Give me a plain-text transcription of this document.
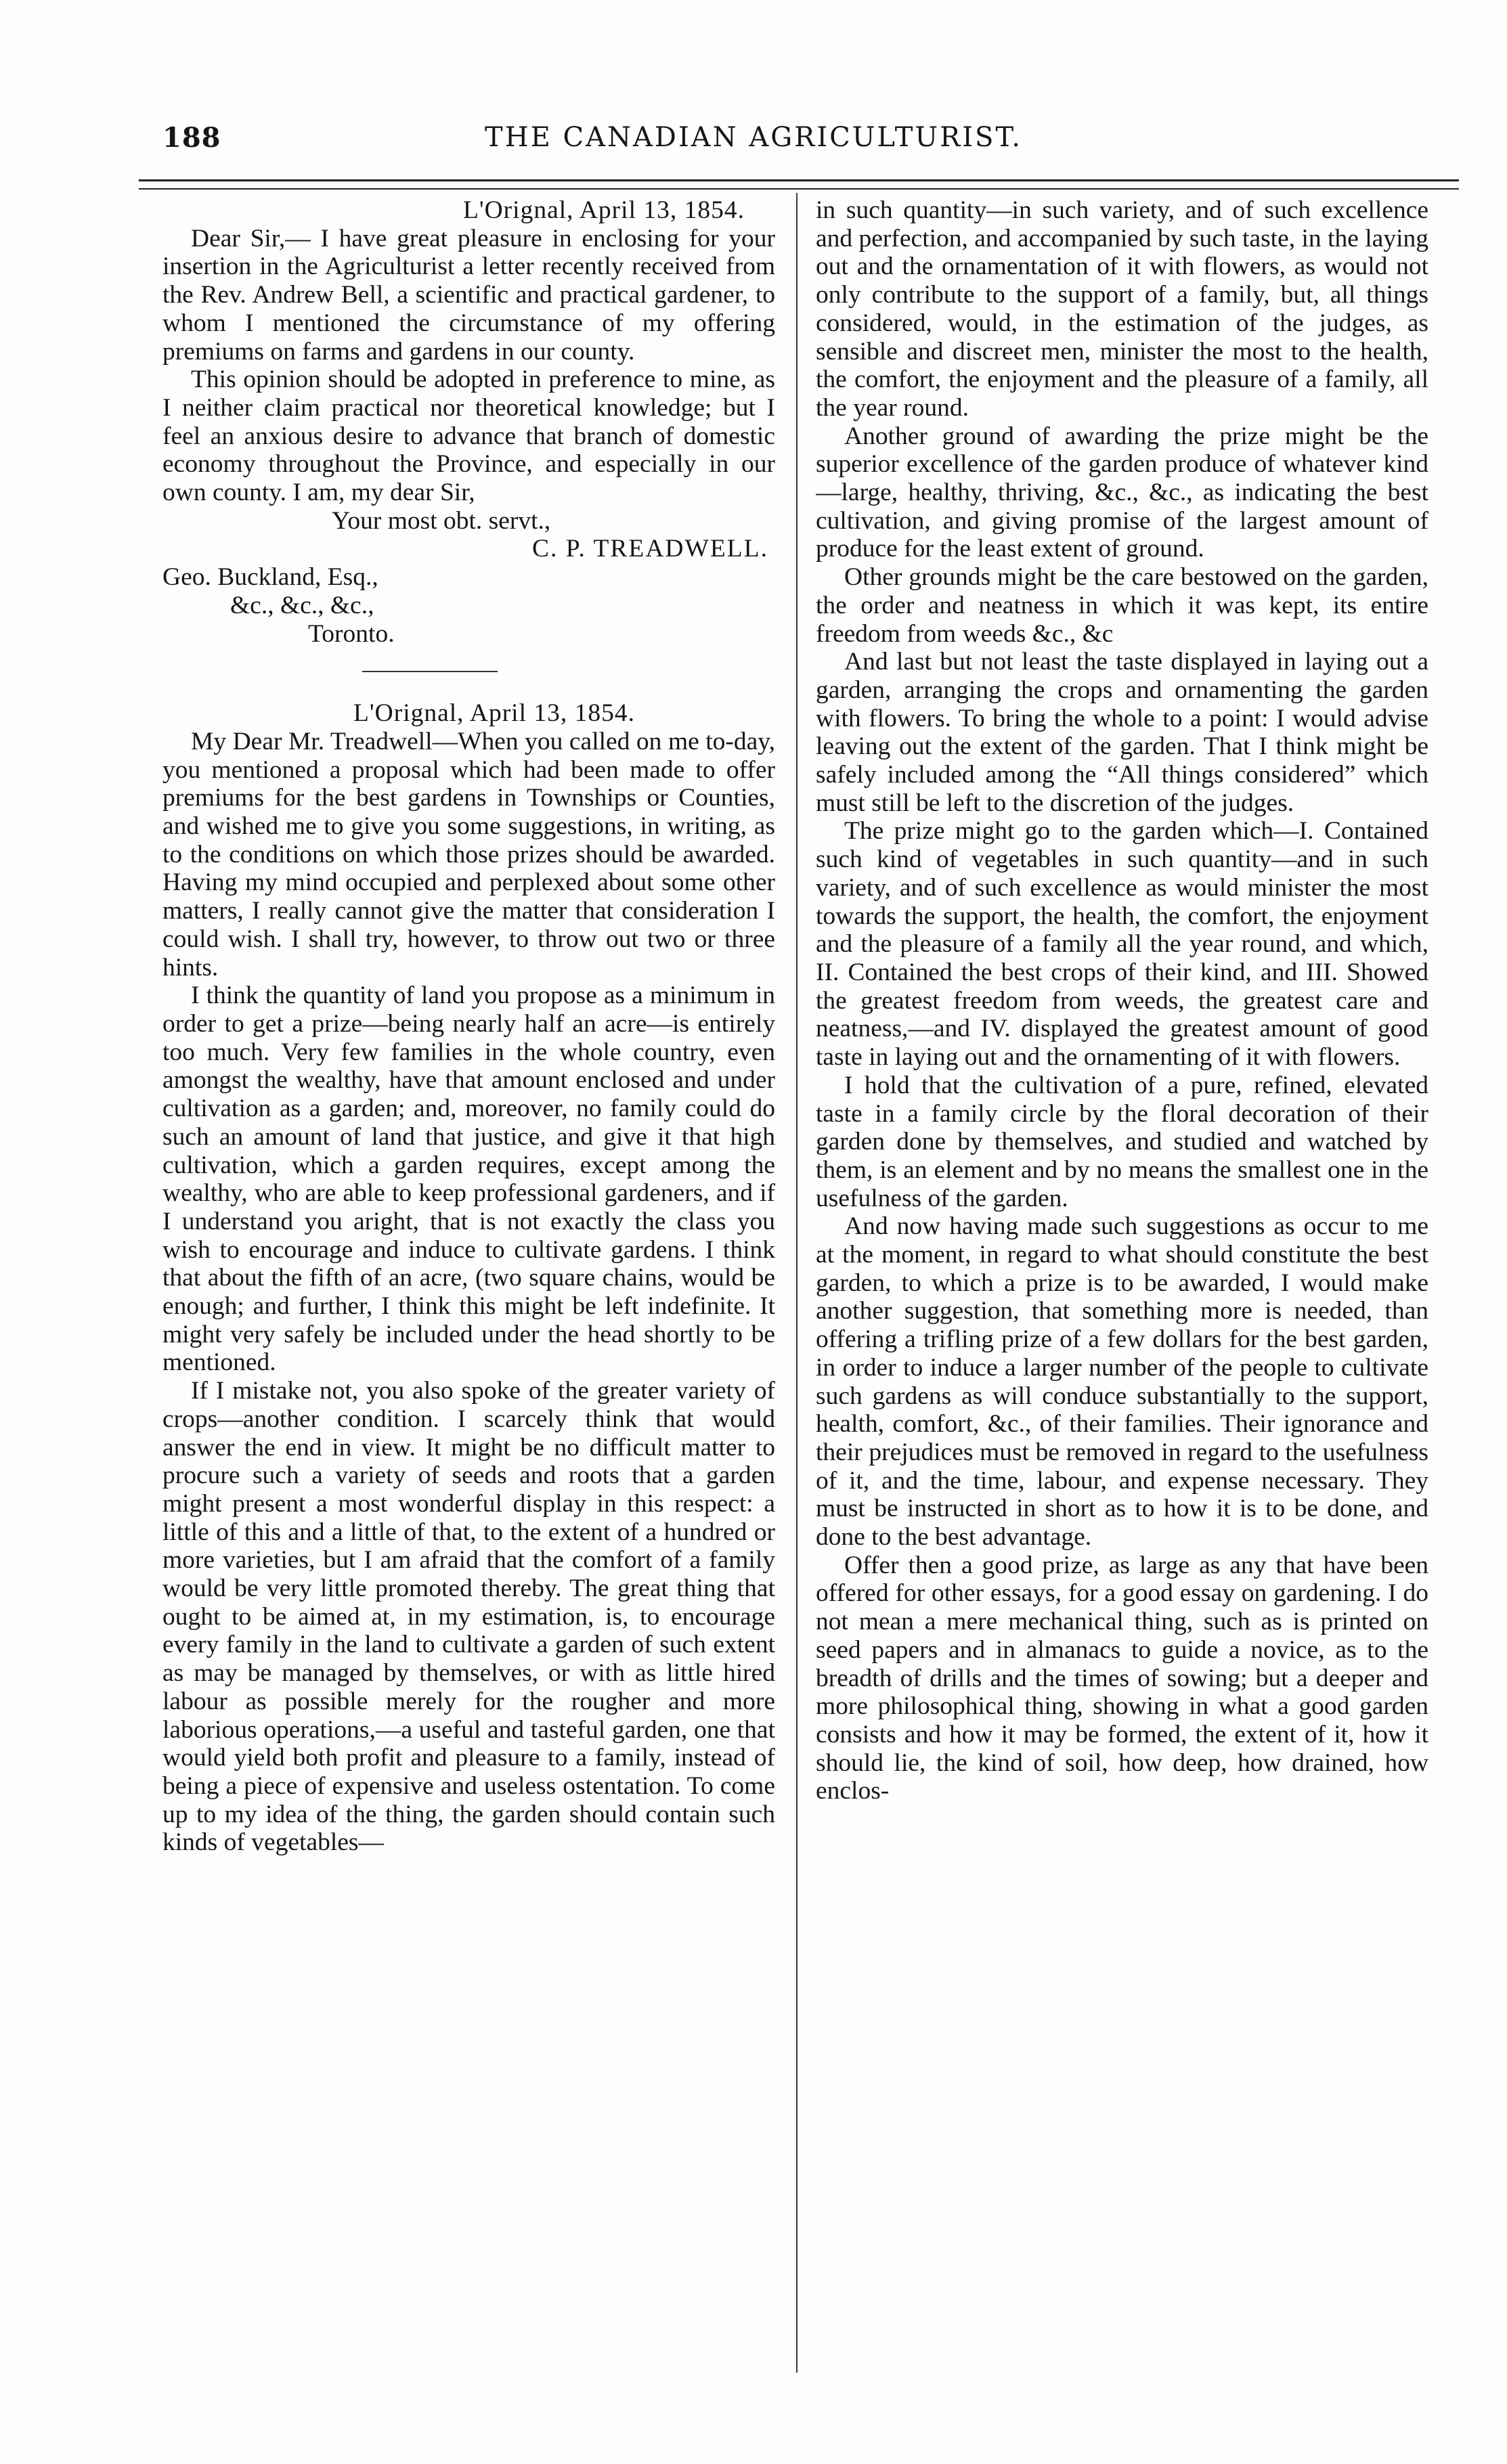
188	THE CANADIAN AGRICULTURIST.

L'Orignal, April 13, 1854.

Dear Sir,— I have great pleasure in enclosing for your insertion in the Agriculturist a letter recently received from the Rev. Andrew Bell, a scientific and practical gardener, to whom I mentioned the circumstance of my offering premiums on farms and gardens in our county.

This opinion should be adopted in preference to mine, as I neither claim practical nor theoretical knowledge; but I feel an anxious desire to advance that branch of domestic economy throughout the Province, and especially in our own county. I am, my dear Sir,

Your most obt. servt.,

C. P. TREADWELL.

Geo. Buckland, Esq.,

&c., &c., &c.,

Toronto.

L'Orignal, April 13, 1854.

My Dear Mr. Treadwell—When you called on me to-day, you mentioned a proposal which had been made to offer premiums for the best gardens in Townships or Counties, and wished me to give you some suggestions, in writing, as to the conditions on which those prizes should be awarded. Having my mind occupied and perplexed about some other matters, I really cannot give the matter that consideration I could wish. I shall try, however, to throw out two or three hints.

I think the quantity of land you propose as a minimum in order to get a prize—being nearly half an acre—is entirely too much. Very few families in the whole country, even amongst the wealthy, have that amount enclosed and under cultivation as a garden; and, moreover, no family could do such an amount of land that justice, and give it that high cultivation, which a garden requires, except among the wealthy, who are able to keep professional gardeners, and if I understand you aright, that is not exactly the class you wish to encourage and induce to cultivate gardens. I think that about the fifth of an acre, (two square chains, would be enough; and further, I think this might be left indefinite. It might very safely be included under the head shortly to be mentioned.

If I mistake not, you also spoke of the greater variety of crops—another condition. I scarcely think that would answer the end in view. It might be no difficult matter to procure such a variety of seeds and roots that a garden might present a most wonderful display in this respect: a little of this and a little of that, to the extent of a hundred or more varieties, but I am afraid that the comfort of a family would be very little promoted thereby. The great thing that ought to be aimed at, in my estimation, is, to encourage every family in the land to cultivate a garden of such extent as may be managed by themselves, or with as little hired labour as possible merely for the rougher and more laborious operations,—a useful and tasteful garden, one that would yield both profit and pleasure to a family, instead of being a piece of expensive and useless ostentation. To come up to my idea of the thing, the garden should contain such kinds of vegetables—

in such quantity—in such variety, and of such excellence and perfection, and accompanied by such taste, in the laying out and the ornamentation of it with flowers, as would not only contribute to the support of a family, but, all things considered, would, in the estimation of the judges, as sensible and discreet men, minister the most to the health, the comfort, the enjoyment and the pleasure of a family, all the year round.

Another ground of awarding the prize might be the superior excellence of the garden produce of whatever kind—large, healthy, thriving, &c., &c., as indicating the best cultivation, and giving promise of the largest amount of produce for the least extent of ground.

Other grounds might be the care bestowed on the garden, the order and neatness in which it was kept, its entire freedom from weeds &c., &c

And last but not least the taste displayed in laying out a garden, arranging the crops and ornamenting the garden with flowers. To bring the whole to a point: I would advise leaving out the extent of the garden. That I think might be safely included among the “All things considered” which must still be left to the discretion of the judges.

The prize might go to the garden which—I. Contained such kind of vegetables in such quantity—and in such variety, and of such excellence as would minister the most towards the support, the health, the comfort, the enjoyment and the pleasure of a family all the year round, and which, II. Contained the best crops of their kind, and III. Showed the greatest freedom from weeds, the greatest care and neatness,—and IV. displayed the greatest amount of good taste in laying out and the ornamenting of it with flowers.

I hold that the cultivation of a pure, refined, elevated taste in a family circle by the floral decoration of their garden done by themselves, and studied and watched by them, is an element and by no means the smallest one in the usefulness of the garden.

And now having made such suggestions as occur to me at the moment, in regard to what should constitute the best garden, to which a prize is to be awarded, I would make another suggestion, that something more is needed, than offering a trifling prize of a few dollars for the best garden, in order to induce a larger number of the people to cultivate such gardens as will conduce substantially to the support, health, comfort, &c., of their families. Their ignorance and their prejudices must be removed in regard to the usefulness of it, and the time, labour, and expense necessary. They must be instructed in short as to how it is to be done, and done to the best advantage.

Offer then a good prize, as large as any that have been offered for other essays, for a good essay on gardening. I do not mean a mere mechanical thing, such as is printed on seed papers and in almanacs to guide a novice, as to the breadth of drills and the times of sowing; but a deeper and more philosophical thing, showing in what a good garden consists and how it may be formed, the extent of it, how it should lie, the kind of soil, how deep, how drained, how enclos-
